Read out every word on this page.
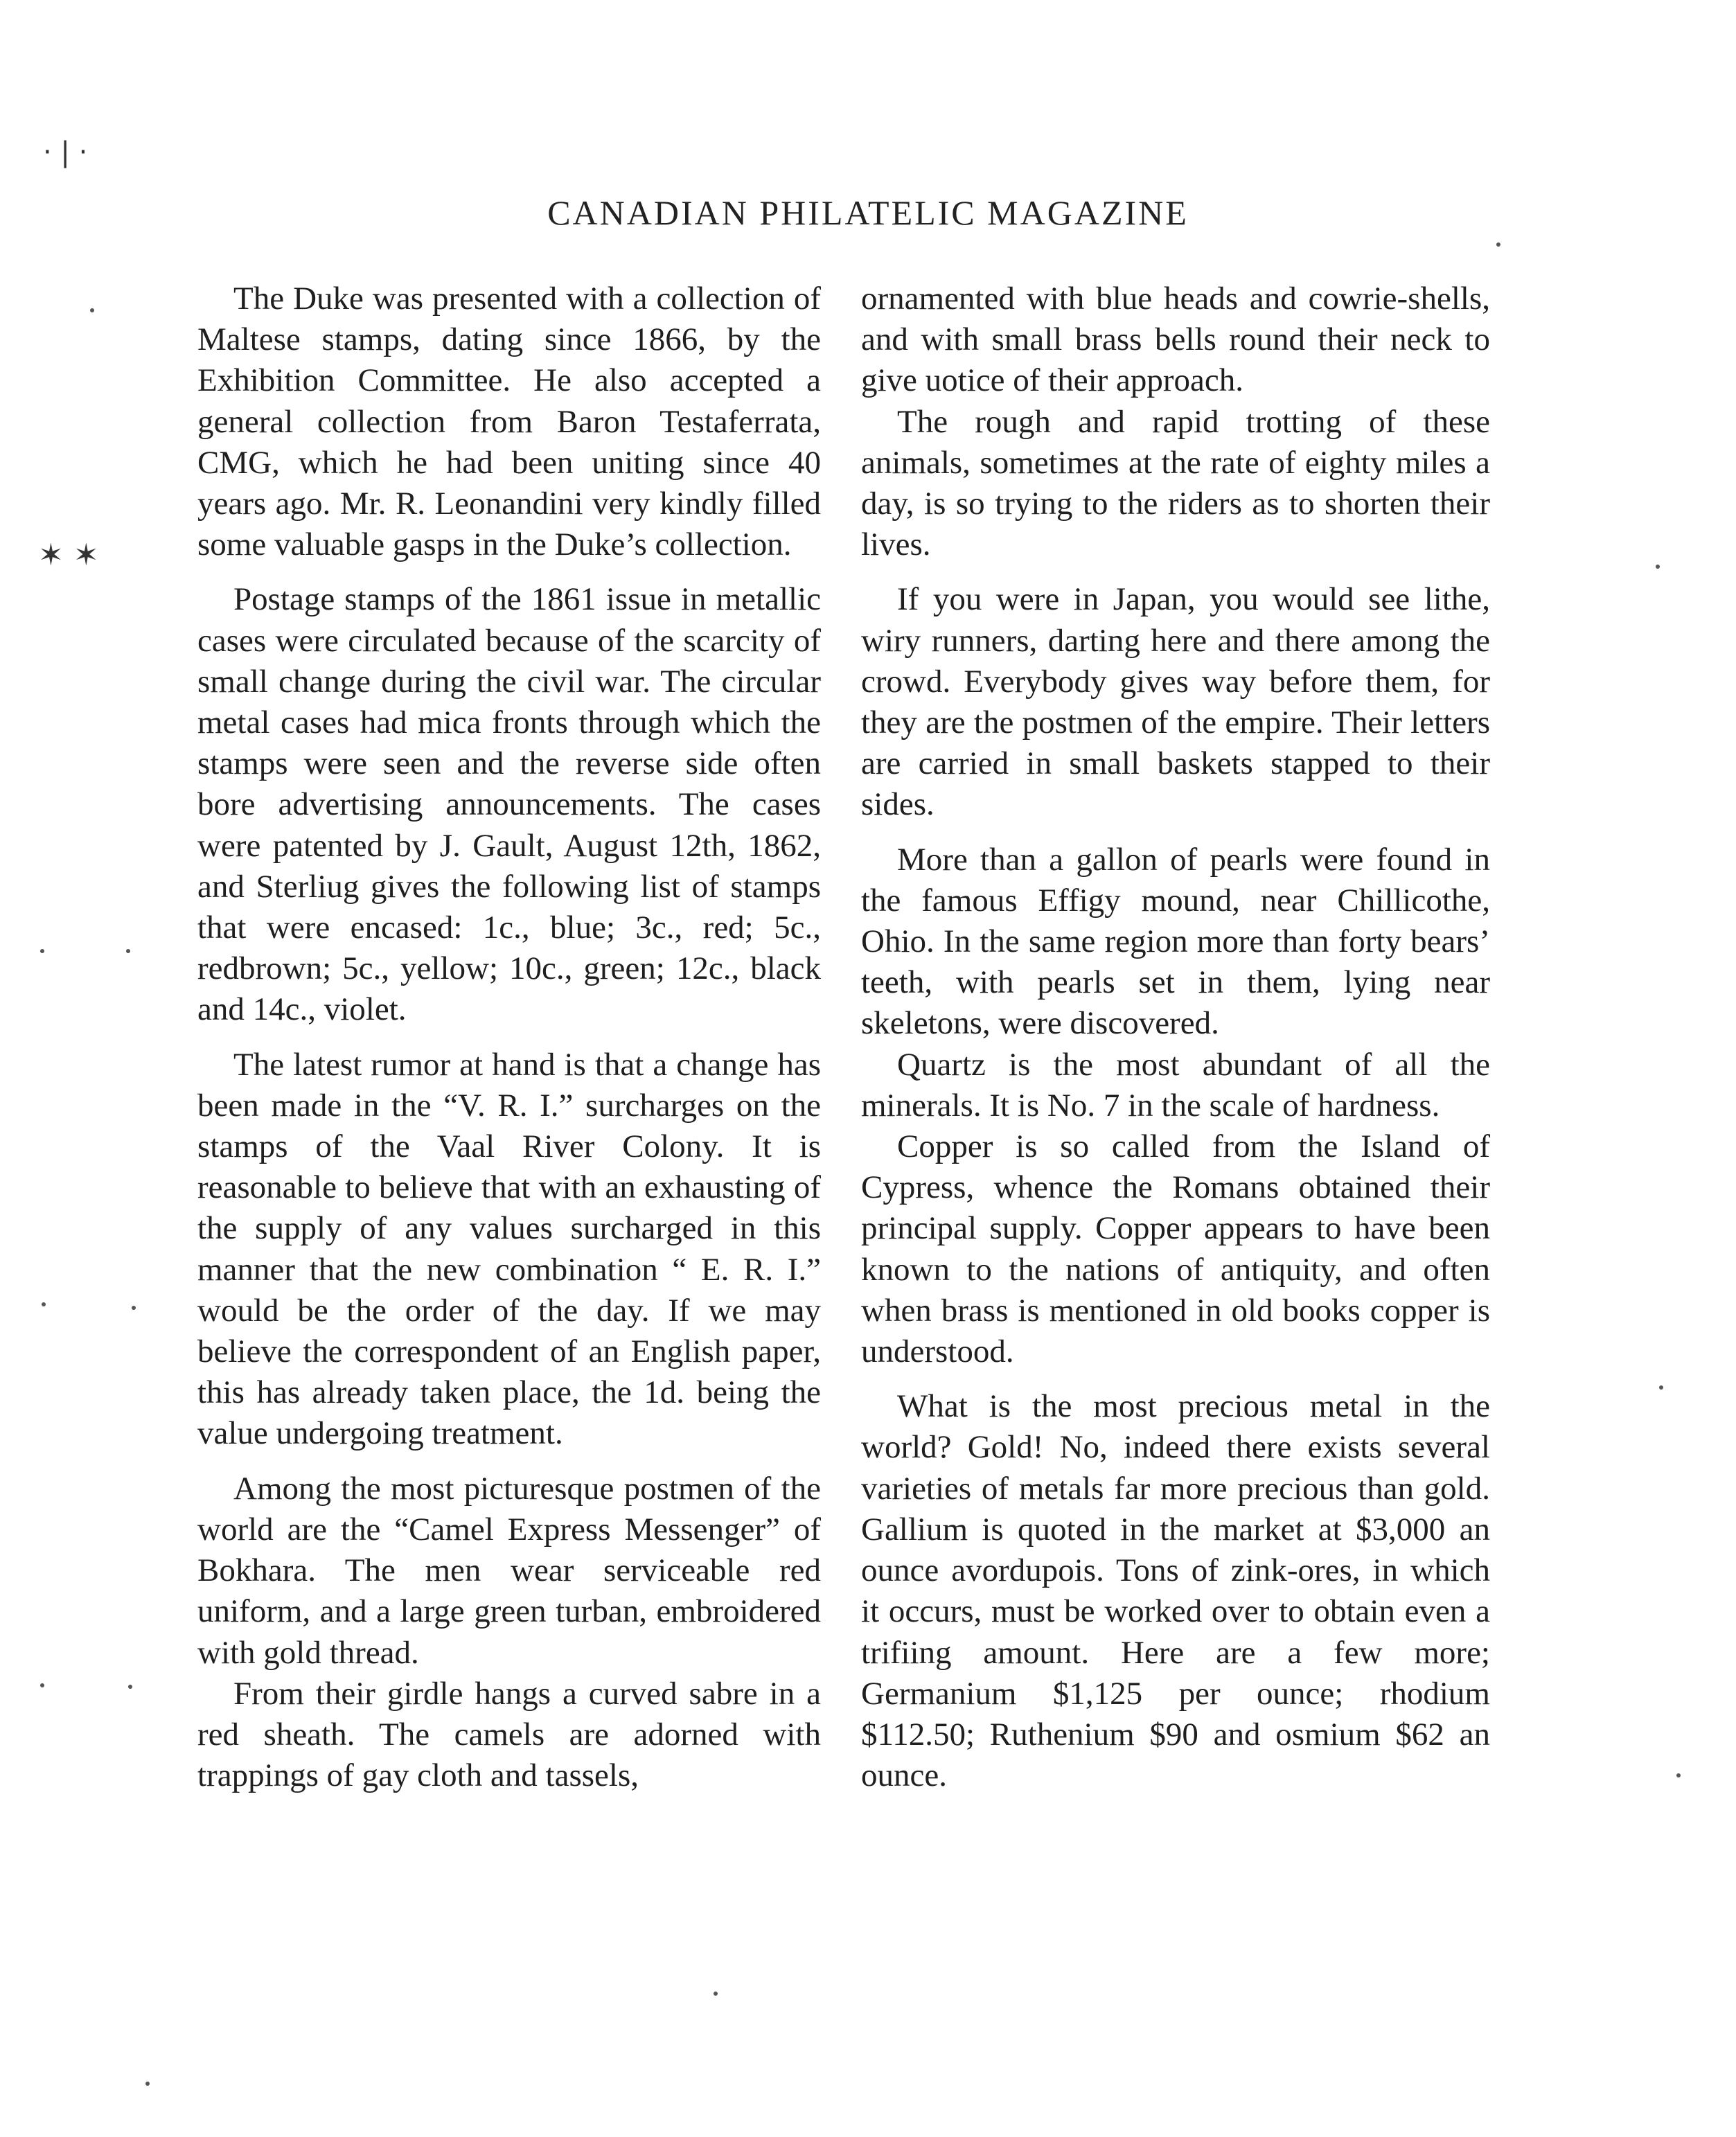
CANADIAN PHILATELIC MAGAZINE

The Duke was presented with a collection of Maltese stamps, dating since 1866, by the Exhibition Committee. He also accepted a general collection from Baron Testaferrata, CMG, which he had been uniting since 40 years ago. Mr. R. Leonandini very kindly filled some valuable gasps in the Duke’s collection.

Postage stamps of the 1861 issue in metallic cases were circulated because of the scarcity of small change during the civil war. The circular metal cases had mica fronts through which the stamps were seen and the reverse side often bore advertising announcements. The cases were patented by J. Gault, August 12th, 1862, and Sterliug gives the following list of stamps that were encased: 1c., blue; 3c., red; 5c., redbrown; 5c., yellow; 10c., green; 12c., black and 14c., violet.

The latest rumor at hand is that a change has been made in the “V. R. I.” surcharges on the stamps of the Vaal River Colony. It is reasonable to believe that with an exhausting of the supply of any values surcharged in this manner that the new combination “ E. R. I.” would be the order of the day. If we may believe the correspondent of an English paper, this has already taken place, the 1d. being the value undergoing treatment.

Among the most picturesque postmen of the world are the “Camel Express Messenger” of Bokhara. The men wear serviceable red uniform, and a large green turban, embroidered with gold thread.

From their girdle hangs a curved sabre in a red sheath. The camels are adorned with trappings of gay cloth and tassels,

ornamented with blue heads and cowrie-shells, and with small brass bells round their neck to give uotice of their approach.

The rough and rapid trotting of these animals, sometimes at the rate of eighty miles a day, is so trying to the riders as to shorten their lives.

If you were in Japan, you would see lithe, wiry runners, darting here and there among the crowd. Everybody gives way before them, for they are the postmen of the empire. Their letters are carried in small baskets stapped to their sides.

More than a gallon of pearls were found in the famous Effigy mound, near Chillicothe, Ohio. In the same region more than forty bears’ teeth, with pearls set in them, lying near skeletons, were discovered.

Quartz is the most abundant of all the minerals. It is No. 7 in the scale of hardness.

Copper is so called from the Island of Cypress, whence the Romans obtained their principal supply. Copper appears to have been known to the nations of antiquity, and often when brass is mentioned in old books copper is understood.

What is the most precious metal in the world? Gold! No, indeed there exists several varieties of metals far more precious than gold. Gallium is quoted in the market at $3,000 an ounce avordupois. Tons of zink-ores, in which it occurs, must be worked over to obtain even a trifiing amount. Here are a few more; Germanium $1,125 per ounce; rhodium $112.50; Ruthenium $90 and osmium $62 an ounce.

· | ·
✶ ✶
